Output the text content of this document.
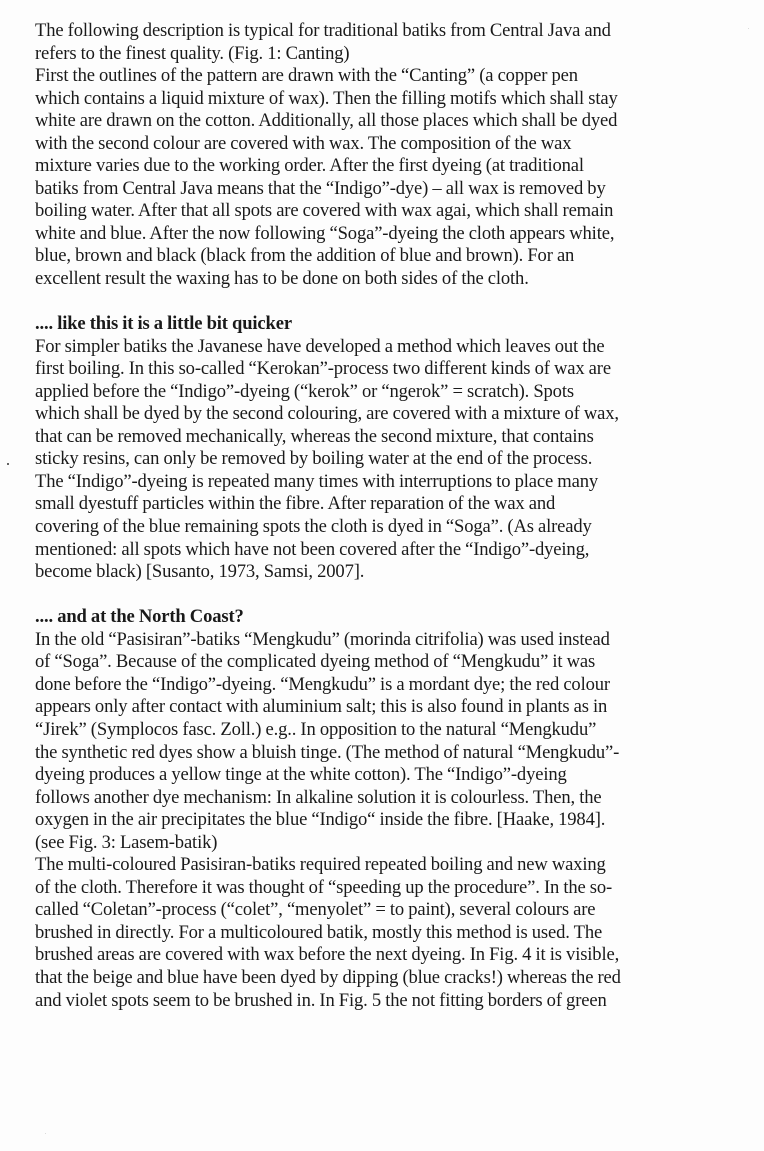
The following description is typical for traditional batiks from Central Java and
refers to the finest quality. (Fig. 1: Canting)
First the outlines of the pattern are drawn with the “Canting” (a copper pen
which contains a liquid mixture of wax). Then the filling motifs which shall stay
white are drawn on the cotton. Additionally, all those places which shall be dyed
with the second colour are covered with wax. The composition of the wax
mixture varies due to the working order. After the first dyeing (at traditional
batiks from Central Java means that the “Indigo”-dye) – all wax is removed by
boiling water. After that all spots are covered with wax agai, which shall remain
white and blue. After the now following “Soga”-dyeing the cloth appears white,
blue, brown and black (black from the addition of blue and brown). For an
excellent result the waxing has to be done on both sides of the cloth.
.... like this it is a little bit quicker
For simpler batiks the Javanese have developed a method which leaves out the
first boiling. In this so-called “Kerokan”-process two different kinds of wax are
applied before the “Indigo”-dyeing (“kerok” or “ngerok” = scratch). Spots
which shall be dyed by the second colouring, are covered with a mixture of wax,
that can be removed mechanically, whereas the second mixture, that contains
sticky resins, can only be removed by boiling water at the end of the process.
The “Indigo”-dyeing is repeated many times with interruptions to place many
small dyestuff particles within the fibre. After reparation of the wax and
covering of the blue remaining spots the cloth is dyed in “Soga”. (As already
mentioned: all spots which have not been covered after the “Indigo”-dyeing,
become black) [Susanto, 1973, Samsi, 2007].
.... and at the North Coast?
In the old “Pasisiran”-batiks “Mengkudu” (morinda citrifolia) was used instead
of “Soga”. Because of the complicated dyeing method of “Mengkudu” it was
done before the “Indigo”-dyeing. “Mengkudu” is a mordant dye; the red colour
appears only after contact with aluminium salt; this is also found in plants as in
“Jirek” (Symplocos fasc. Zoll.) e.g.. In opposition to the natural “Mengkudu”
the synthetic red dyes show a bluish tinge. (The method of natural “Mengkudu”-
dyeing produces a yellow tinge at the white cotton). The “Indigo”-dyeing
follows another dye mechanism: In alkaline solution it is colourless. Then, the
oxygen in the air precipitates the blue “Indigo“ inside the fibre. [Haake, 1984].
(see Fig. 3: Lasem-batik)
The multi-coloured Pasisiran-batiks required repeated boiling and new waxing
of the cloth. Therefore it was thought of “speeding up the procedure”. In the so-
called “Coletan”-process (“colet”, “menyolet” = to paint), several colours are
brushed in directly. For a multicoloured batik, mostly this method is used. The
brushed areas are covered with wax before the next dyeing. In Fig. 4 it is visible,
that the beige and blue have been dyed by dipping (blue cracks!) whereas the red
and violet spots seem to be brushed in. In Fig. 5 the not fitting borders of green
